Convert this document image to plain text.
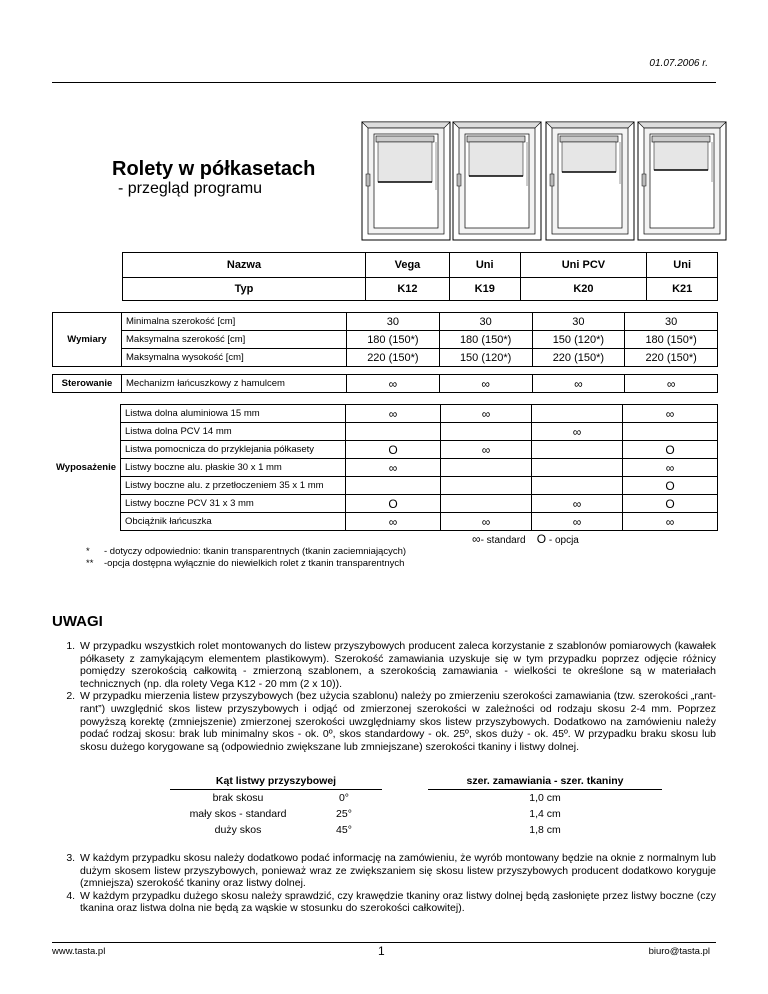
01.07.2006 r.
Rolety w półkasetach
- przegląd programu
Nazwa	Vega	Uni	Uni PCV	Uni
Typ	K12	K19	K20	K21
Wymiary	Minimalna szerokość [cm]	30	30	30	30
	Maksymalna szerokość [cm]	180 (150*)	180 (150*)	150 (120*)	180 (150*)
	Maksymalna wysokość [cm]	220 (150*)	150 (120*)	220 (150*)	220 (150*)
Sterowanie	Mechanizm łańcuszkowy z hamulcem	∞	∞	∞	∞
Wyposażenie	Listwa dolna aluminiowa 15 mm	∞	∞		∞
	Listwa dolna PCV 14 mm			∞	
	Listwa pomocnicza do przyklejania półkasety	O	∞		O
	Listwy boczne alu. płaskie 30 x 1 mm	∞			∞
	Listwy boczne alu. z przetłoczeniem 35 x 1 mm				O
	Listwy boczne PCV 31 x 3 mm	O		∞	O
	Obciążnik łańcuszka	∞	∞	∞	∞
∞- standard O - opcja
* - dotyczy odpowiednio: tkanin transparentnych (tkanin zaciemniających)
** -opcja dostępna wyłącznie do niewielkich rolet z tkanin transparentnych
UWAGI
1. W przypadku wszystkich rolet montowanych do listew przyszybowych producent zaleca korzystanie z szablonów pomiarowych (kawałek półkasety z zamykającym elementem plastikowym). Szerokość zamawiania uzyskuje się w tym przypadku poprzez odjęcie różnicy pomiędzy szerokością całkowitą - zmierzoną szablonem, a szerokością zamawiania - wielkości te określone są w materiałach technicznych (np. dla rolety Vega K12 - 20 mm (2 x 10)).
2. W przypadku mierzenia listew przyszybowych (bez użycia szablonu) należy po zmierzeniu szerokości zamawiania (tzw. szerokości „rant-rant”) uwzględnić skos listew przyszybowych i odjąć od zmierzonej szerokości w zależności od rodzaju skosu 2-4 mm. Poprzez powyższą korektę (zmniejszenie) zmierzonej szerokości uwzględniamy skos listew przyszybowych. Dodatkowo na zamówieniu należy podać rodzaj skosu: brak lub minimalny skos - ok. 0º, skos standardowy - ok. 25º, skos duży - ok. 45º. W przypadku braku skosu lub skosu dużego korygowane są (odpowiednio zwiększane lub zmniejszane) szerokości tkaniny i listwy dolnej.
Kąt listwy przyszybowej			szer. zamawiania - szer. tkaniny
brak skosu	0°		1,0 cm
mały skos - standard	25°		1,4 cm
duży skos	45°		1,8 cm
3. W każdym przypadku skosu należy dodatkowo podać informację na zamówieniu, że wyrób montowany będzie na oknie z normalnym lub dużym skosem listew przyszybowych, ponieważ wraz ze zwiększaniem się skosu listew przyszybowych producent dodatkowo koryguje (zmniejsza) szerokość tkaniny oraz listwy dolnej.
4. W każdym przypadku dużego skosu należy sprawdzić, czy krawędzie tkaniny oraz listwy dolnej będą zasłonięte przez listwy boczne (czy tkanina oraz listwa dolna nie będą za wąskie w stosunku do szerokości całkowitej).
www.tasta.pl	1	biuro@tasta.pl
